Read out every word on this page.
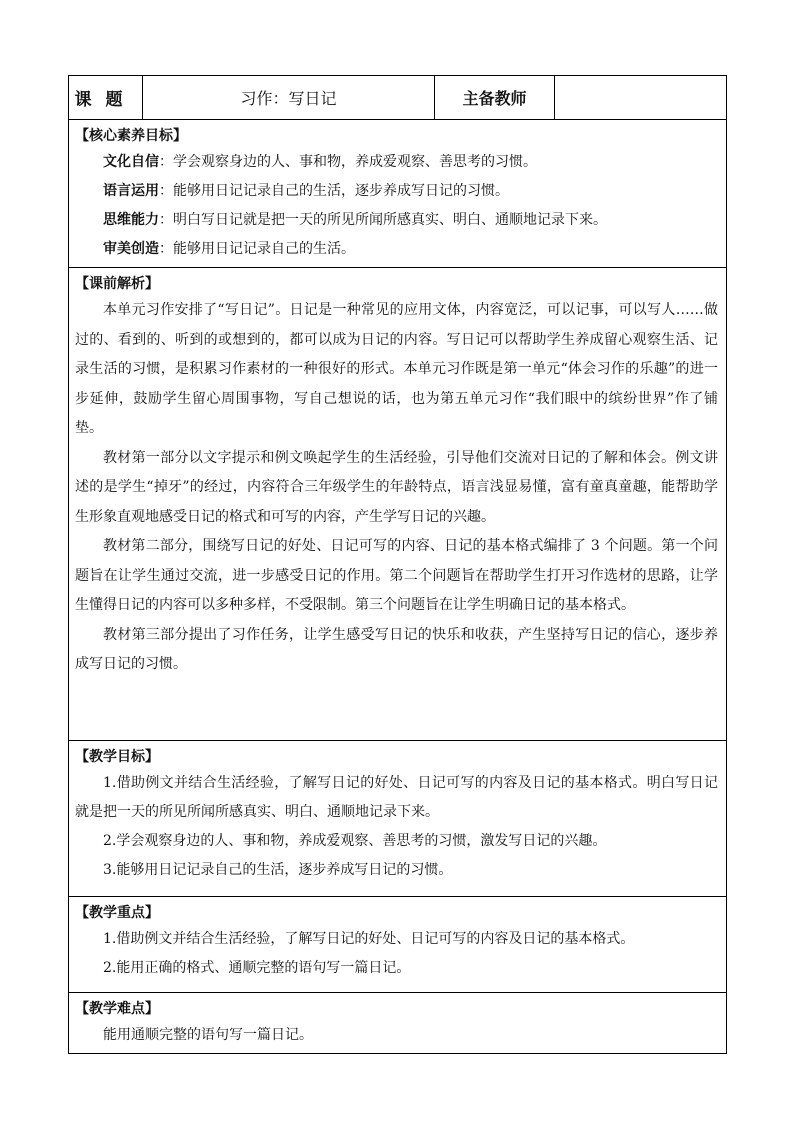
课题	习作：写日记	主备教师	

【核心素养目标】

文化自信：学会观察身边的人、事和物，养成爱观察、善思考的习惯。

语言运用：能够用日记记录自己的生活，逐步养成写日记的习惯。

思维能力：明白写日记就是把一天的所见所闻所感真实、明白、通顺地记录下来。

审美创造：能够用日记记录自己的生活。

【课前解析】

本单元习作安排了“写日记”。日记是一种常见的应用文体，内容宽泛，可以记事，可以写人……做过的、看到的、听到的或想到的，都可以成为日记的内容。写日记可以帮助学生养成留心观察生活、记录生活的习惯，是积累习作素材的一种很好的形式。本单元习作既是第一单元“体会习作的乐趣”的进一步延伸，鼓励学生留心周围事物，写自己想说的话，也为第五单元习作“我们眼中的缤纷世界”作了铺垫。

教材第一部分以文字提示和例文唤起学生的生活经验，引导他们交流对日记的了解和体会。例文讲述的是学生“掉牙”的经过，内容符合三年级学生的年龄特点，语言浅显易懂，富有童真童趣，能帮助学生形象直观地感受日记的格式和可写的内容，产生学写日记的兴趣。

教材第二部分，围绕写日记的好处、日记可写的内容、日记的基本格式编排了 3 个问题。第一个问题旨在让学生通过交流，进一步感受日记的作用。第二个问题旨在帮助学生打开习作选材的思路，让学生懂得日记的内容可以多种多样，不受限制。第三个问题旨在让学生明确日记的基本格式。

教材第三部分提出了习作任务，让学生感受写日记的快乐和收获，产生坚持写日记的信心，逐步养成写日记的习惯。

【教学目标】

1.借助例文并结合生活经验，了解写日记的好处、日记可写的内容及日记的基本格式。明白写日记就是把一天的所见所闻所感真实、明白、通顺地记录下来。

2.学会观察身边的人、事和物，养成爱观察、善思考的习惯，激发写日记的兴趣。

3.能够用日记记录自己的生活，逐步养成写日记的习惯。

【教学重点】

1.借助例文并结合生活经验，了解写日记的好处、日记可写的内容及日记的基本格式。

2.能用正确的格式、通顺完整的语句写一篇日记。

【教学难点】

能用通顺完整的语句写一篇日记。
